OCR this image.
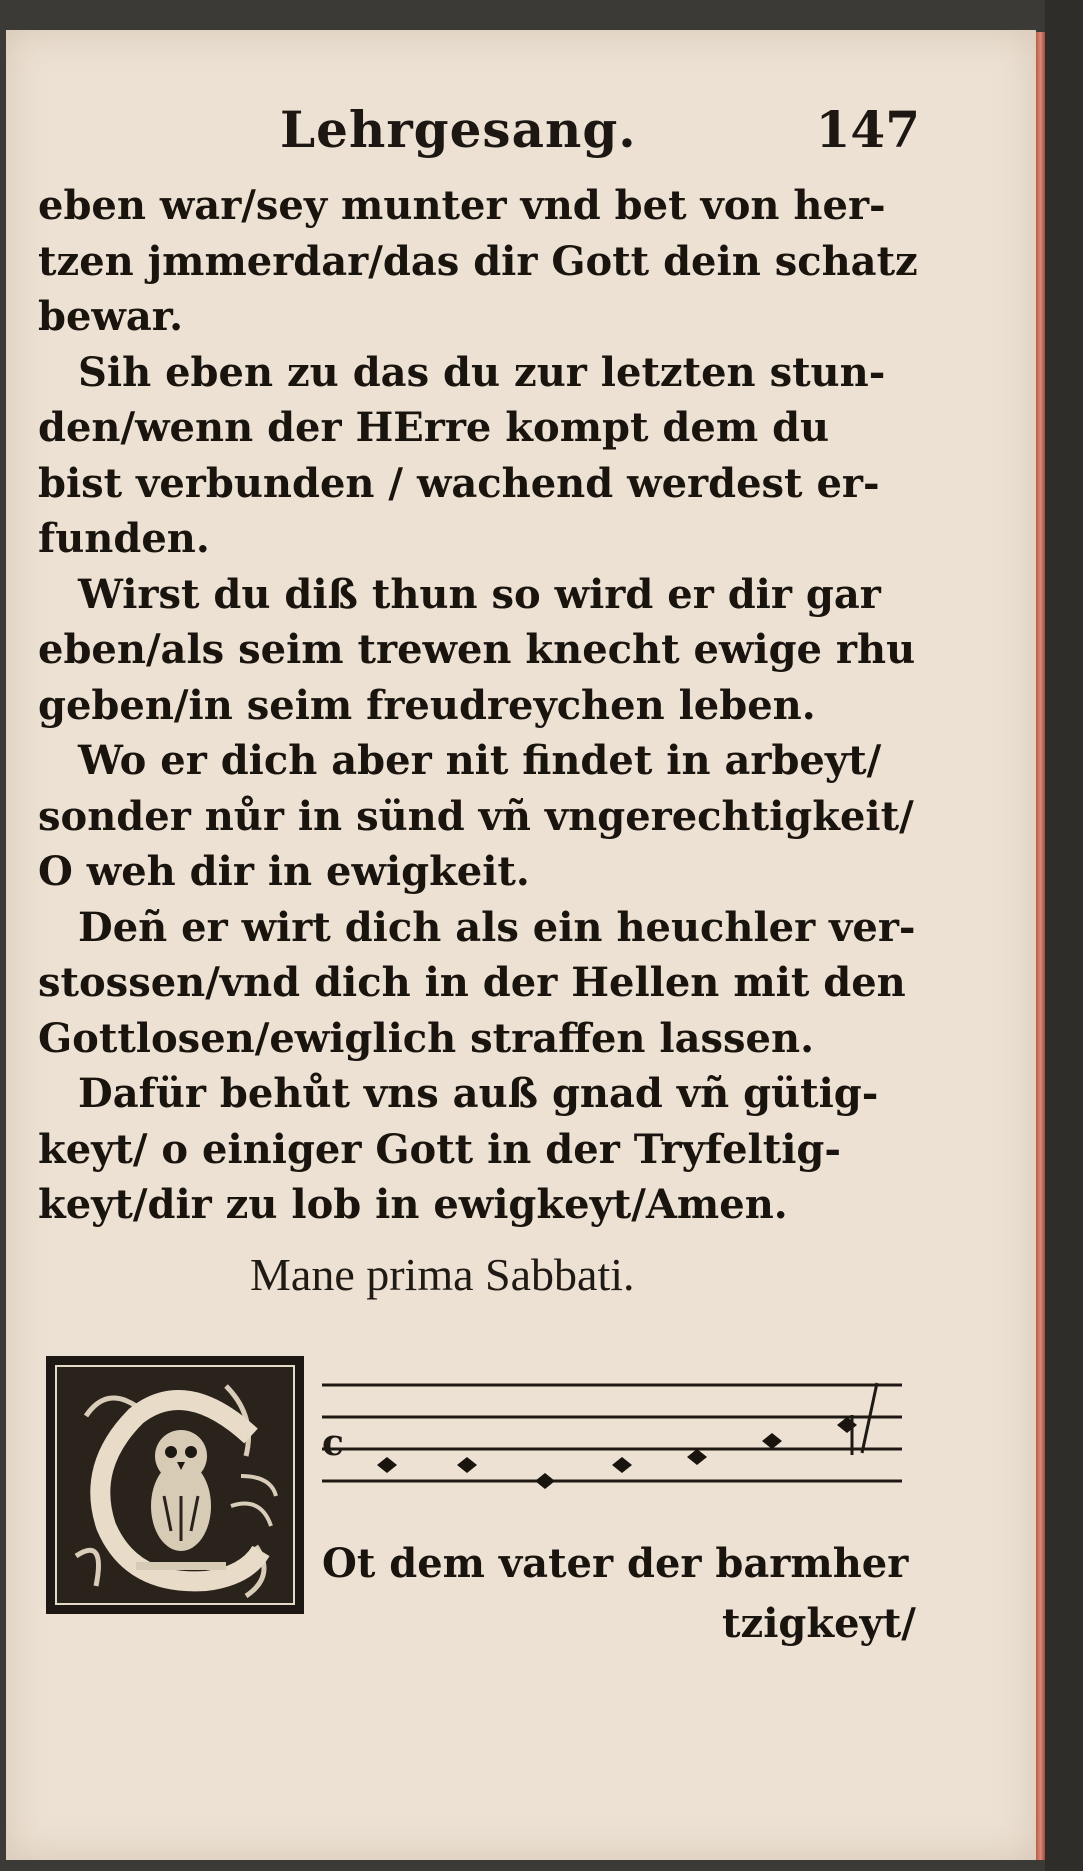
Lehrgesang.	147
eben war/sey munter vnd bet von her-
tzen jmmerdar/das dir Gott dein schatz
bewar.
Sih eben zu das du zur letzten stun-
den/wenn der HErre kompt dem du
bist verbunden / wachend werdest er-
funden.
Wirst du diß thun so wird er dir gar
eben/als seim trewen knecht ewige rhu
geben/in seim freudreychen leben.
Wo er dich aber nit findet in arbeyt/
sonder nůr in sünd vñ vngerechtigkeit/
O weh dir in ewigkeit.
Deñ er wirt dich als ein heuchler ver-
stossen/vnd dich in der Hellen mit den
Gottlosen/ewiglich straffen lassen.
Dafür behůt vns auß gnad vñ gütig-
keyt/ o einiger Gott in der Tryfeltig-
keyt/dir zu lob in ewigkeyt/Amen.
Mane prima Sabbati.
c
Ot dem vater der barmher
tzigkeyt/
